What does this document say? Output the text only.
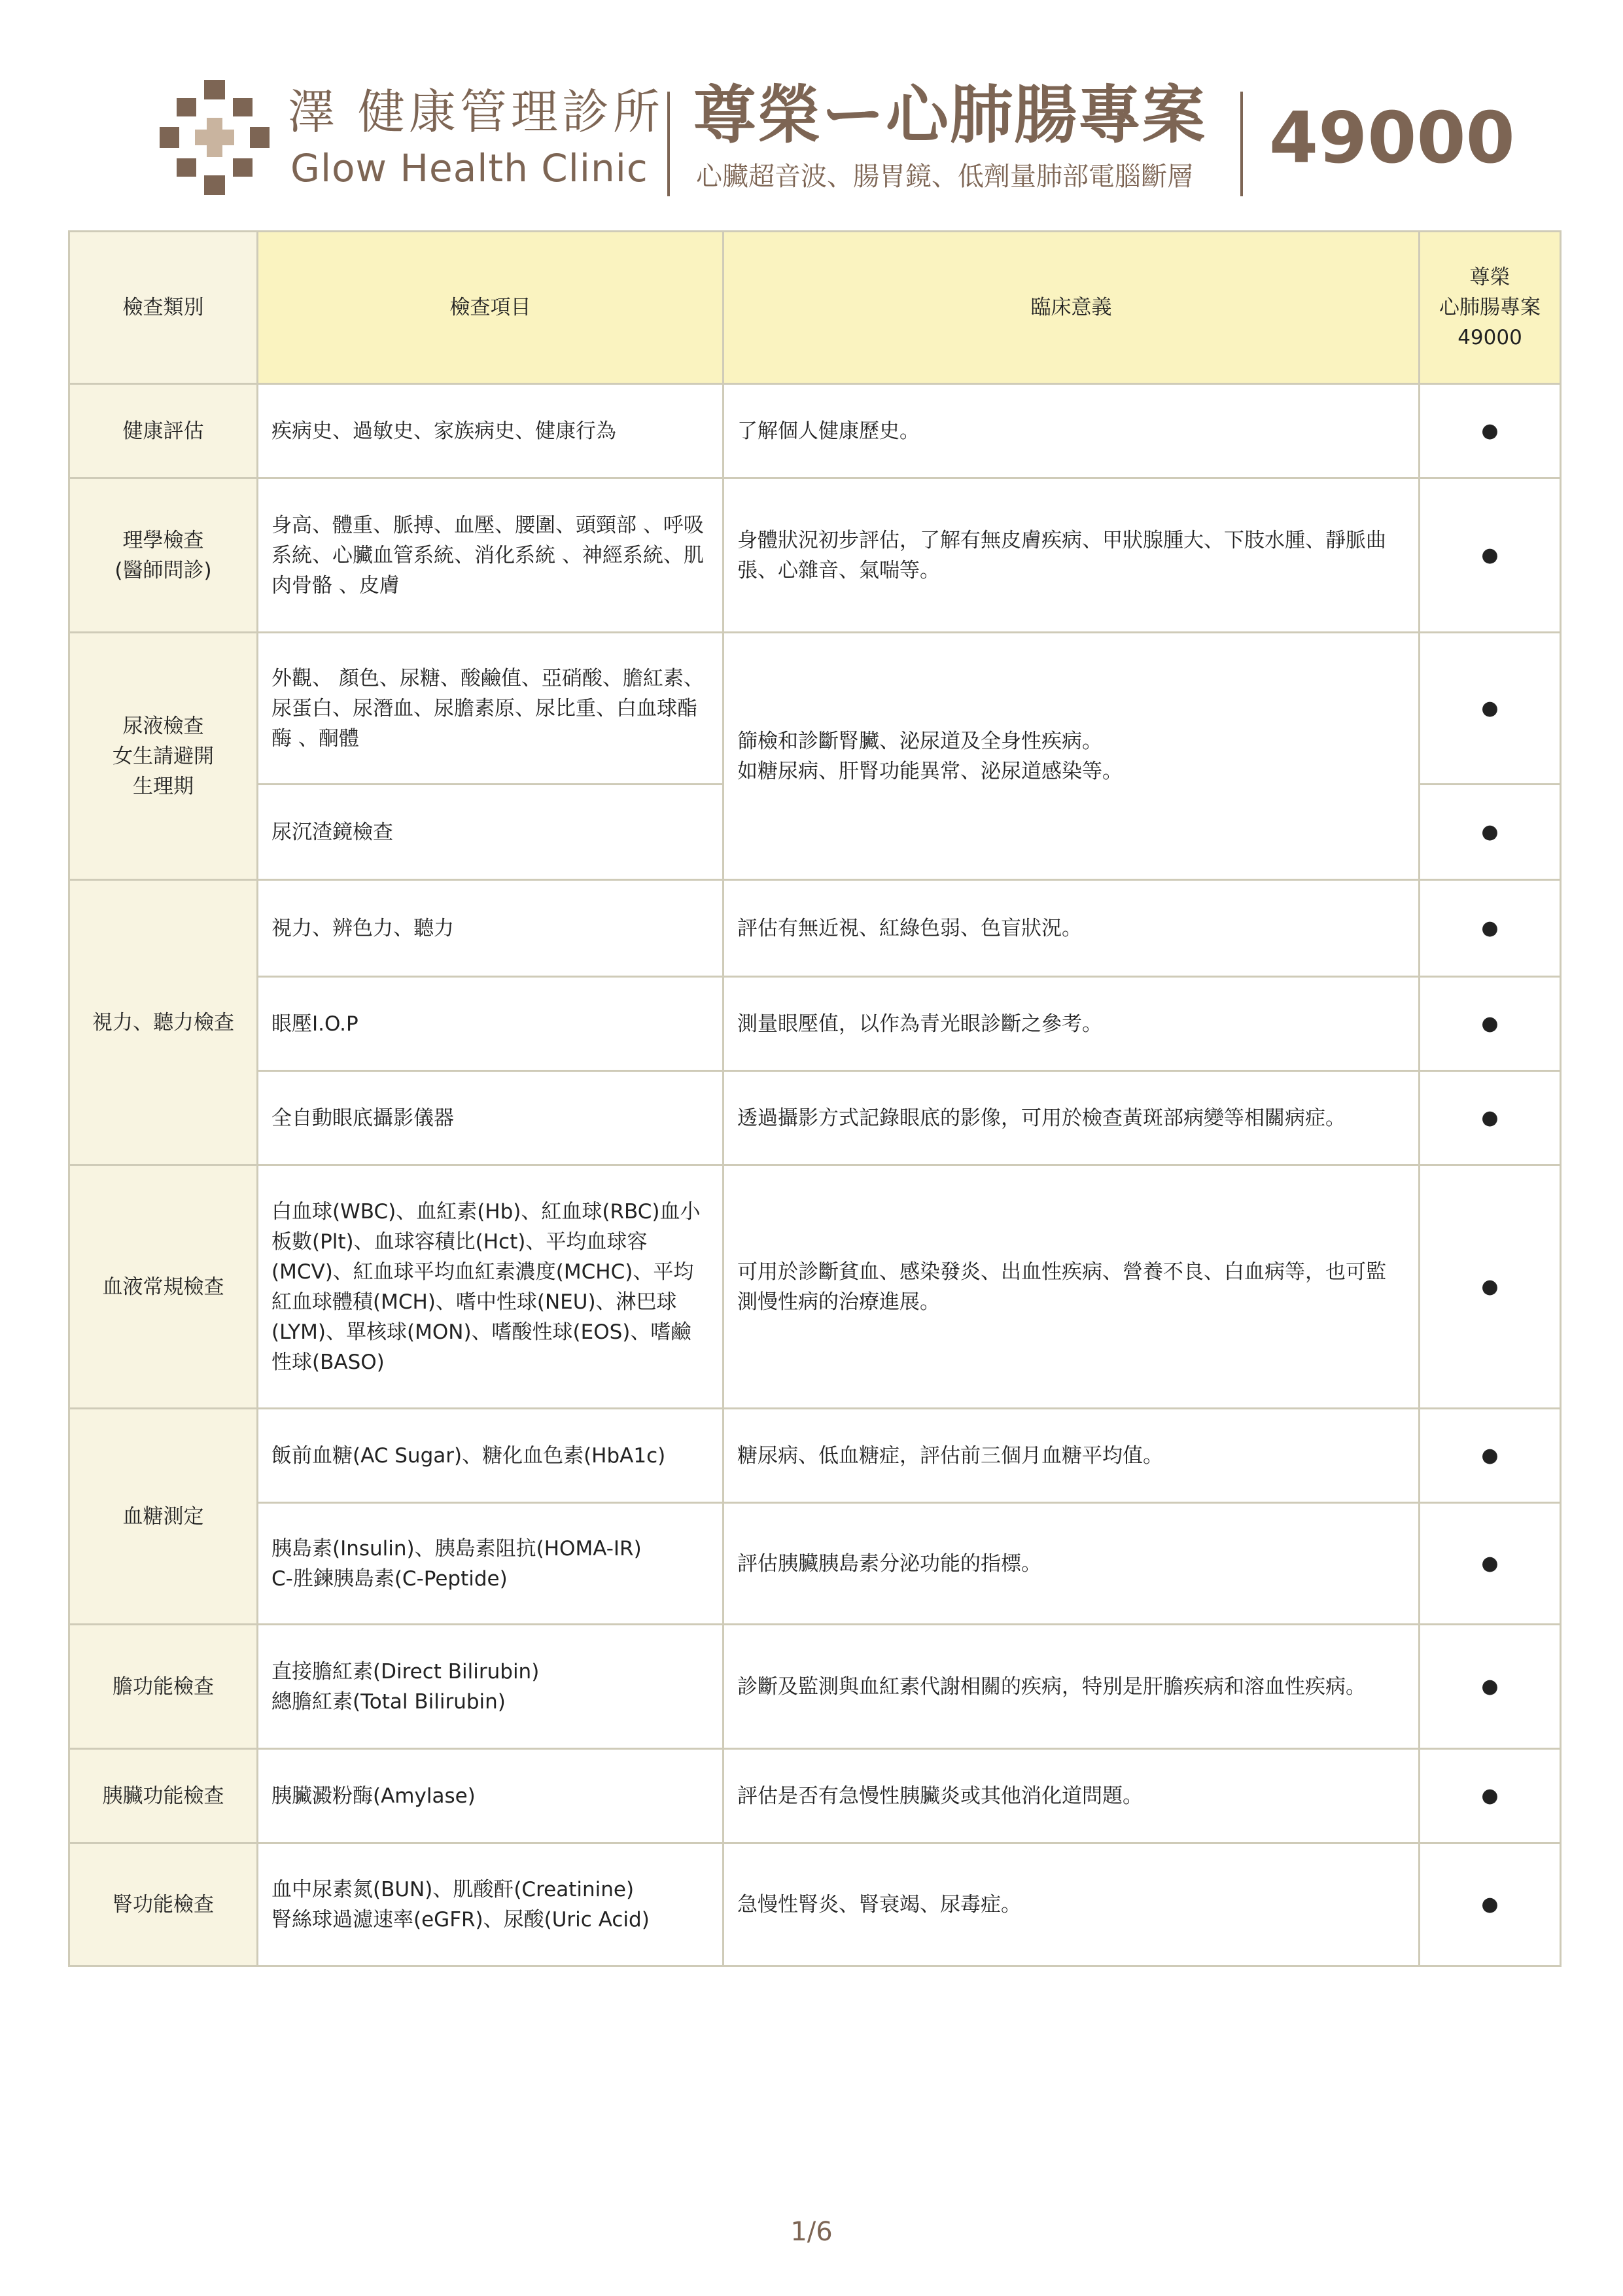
澤 健康管理診所
Glow Health Clinic
尊榮ー心肺腸專案
心臟超音波、腸胃鏡、低劑量肺部電腦斷層 49000
檢查類別	檢查項目	臨床意義	尊榮
心肺腸專案
49000

健康評估	疾病史、過敏史、家族病史、健康行為	了解個人健康歷史。	●

理學檢查
(醫師問診)	身高、體重、脈搏、血壓、腰圍、頭頸部 、呼吸系統、心臟血管系統、消化系統 、神經系統、肌肉骨骼 、皮膚	身體狀況初步評估，了解有無皮膚疾病、甲狀腺腫大、下肢水腫、靜脈曲張、心雜音、氣喘等。	●

尿液檢查
女生請避開
生理期	外觀、 顏色、尿糖、酸鹼值、亞硝酸、膽紅素、尿蛋白、尿潛血、尿膽素原、尿比重、白血球酯酶 、酮體	篩檢和診斷腎臟、泌尿道及全身性疾病。
如糖尿病、肝腎功能異常、泌尿道感染等。	●
	尿沉渣鏡檢查		●
視力、聽力檢查	視力、辨色力、聽力	評估有無近視、紅綠色弱、色盲狀況。	●
	眼壓I.O.P	測量眼壓值，以作為青光眼診斷之參考。	●
	全自動眼底攝影儀器	透過攝影方式記錄眼底的影像，可用於檢查黃斑部病變等相關病症。	●
血液常規檢查	白血球(WBC)、血紅素(Hb)、紅血球(RBC)血小板數(Plt)、血球容積比(Hct)、平均血球容(MCV)、紅血球平均血紅素濃度(MCHC)、平均紅血球體積(MCH)、嗜中性球(NEU)、淋巴球(LYM)、單核球(MON)、嗜酸性球(EOS)、嗜鹼性球(BASO)	可用於診斷貧血、感染發炎、出血性疾病、營養不良、白血病等，也可監測慢性病的治療進展。	●
血糖測定	飯前血糖(AC Sugar)、糖化血色素(HbA1c)	糖尿病、低血糖症，評估前三個月血糖平均值。	●

	胰島素(Insulin)、胰島素阻抗(HOMA-IR)
C-胜鍊胰島素(C-Peptide)	評估胰臟胰島素分泌功能的指標。	●
膽功能檢查	直接膽紅素(Direct Bilirubin)
總膽紅素(Total Bilirubin)	診斷及監測與血紅素代謝相關的疾病，特別是肝膽疾病和溶血性疾病。	●
胰臟功能檢查	胰臟澱粉酶(Amylase)	評估是否有急慢性胰臟炎或其他消化道問題。	●
腎功能檢查	血中尿素氮(BUN)、肌酸酐(Creatinine)
腎絲球過濾速率(eGFR)、尿酸(Uric Acid)	急慢性腎炎、腎衰竭、尿毒症。	●
1/6
